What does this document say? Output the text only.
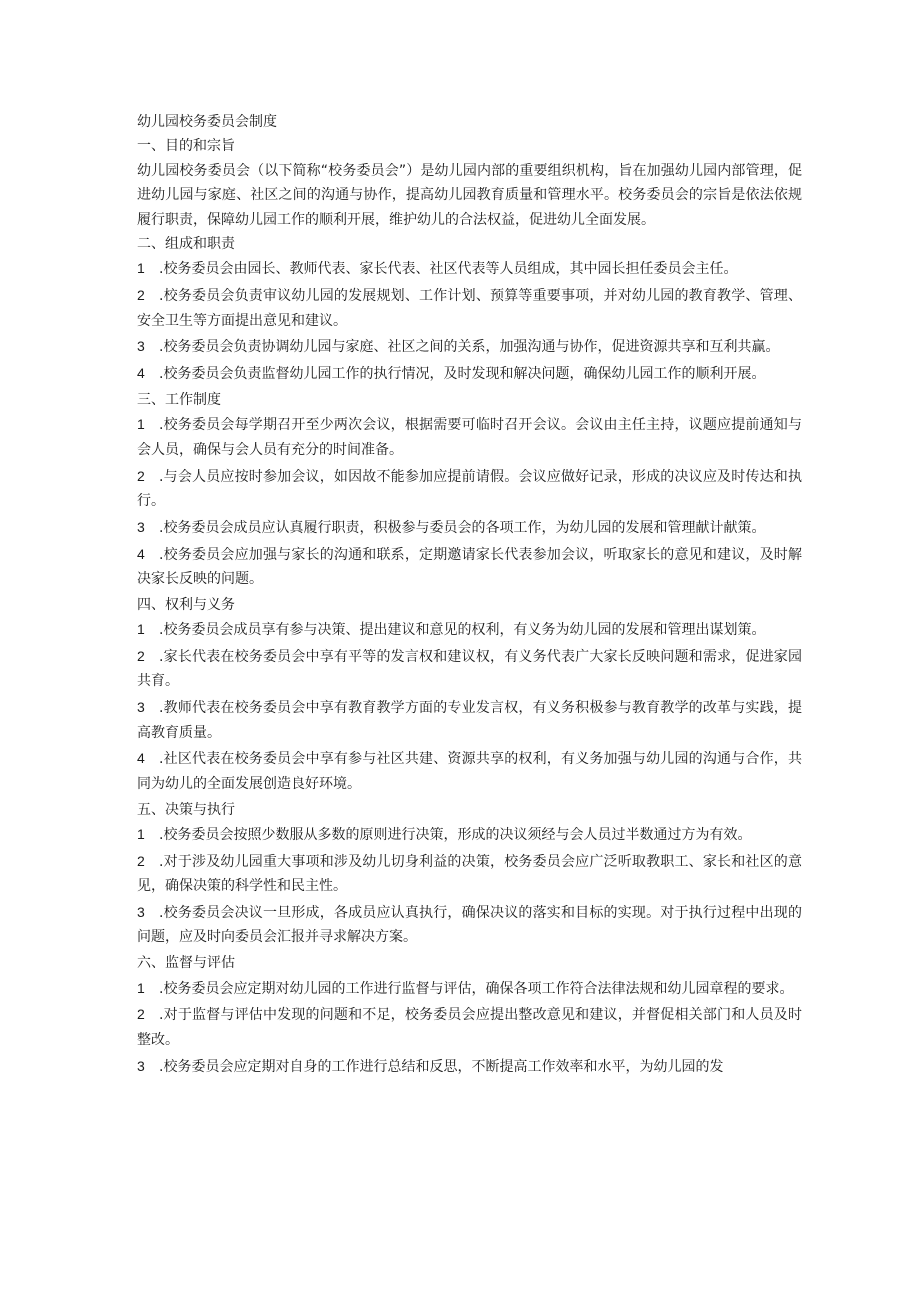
幼儿园校务委员会制度
一、目的和宗旨
幼儿园校务委员会（以下简称“校务委员会”）是幼儿园内部的重要组织机构，旨在加强幼儿园内部管理，促进幼儿园与家庭、社区之间的沟通与协作，提高幼儿园教育质量和管理水平。校务委员会的宗旨是依法依规履行职责，保障幼儿园工作的顺利开展，维护幼儿的合法权益，促进幼儿全面发展。
二、组成和职责
1 .校务委员会由园长、教师代表、家长代表、社区代表等人员组成，其中园长担任委员会主任。
2 .校务委员会负责审议幼儿园的发展规划、工作计划、预算等重要事项，并对幼儿园的教育教学、管理、安全卫生等方面提出意见和建议。
3 .校务委员会负责协调幼儿园与家庭、社区之间的关系，加强沟通与协作，促进资源共享和互利共赢。
4 .校务委员会负责监督幼儿园工作的执行情况，及时发现和解决问题，确保幼儿园工作的顺利开展。
三、工作制度
1 .校务委员会每学期召开至少两次会议，根据需要可临时召开会议。会议由主任主持，议题应提前通知与会人员，确保与会人员有充分的时间准备。
2 .与会人员应按时参加会议，如因故不能参加应提前请假。会议应做好记录，形成的决议应及时传达和执行。
3 .校务委员会成员应认真履行职责，积极参与委员会的各项工作，为幼儿园的发展和管理献计献策。
4 .校务委员会应加强与家长的沟通和联系，定期邀请家长代表参加会议，听取家长的意见和建议，及时解决家长反映的问题。
四、权利与义务
1 .校务委员会成员享有参与决策、提出建议和意见的权利，有义务为幼儿园的发展和管理出谋划策。
2 .家长代表在校务委员会中享有平等的发言权和建议权，有义务代表广大家长反映问题和需求，促进家园共育。
3 .教师代表在校务委员会中享有教育教学方面的专业发言权，有义务积极参与教育教学的改革与实践，提高教育质量。
4 .社区代表在校务委员会中享有参与社区共建、资源共享的权利，有义务加强与幼儿园的沟通与合作，共同为幼儿的全面发展创造良好环境。
五、决策与执行
1 .校务委员会按照少数服从多数的原则进行决策，形成的决议须经与会人员过半数通过方为有效。
2 .对于涉及幼儿园重大事项和涉及幼儿切身利益的决策，校务委员会应广泛听取教职工、家长和社区的意见，确保决策的科学性和民主性。
3 .校务委员会决议一旦形成，各成员应认真执行，确保决议的落实和目标的实现。对于执行过程中出现的问题，应及时向委员会汇报并寻求解决方案。
六、监督与评估
1 .校务委员会应定期对幼儿园的工作进行监督与评估，确保各项工作符合法律法规和幼儿园章程的要求。
2 .对于监督与评估中发现的问题和不足，校务委员会应提出整改意见和建议，并督促相关部门和人员及时整改。
3 .校务委员会应定期对自身的工作进行总结和反思，不断提高工作效率和水平，为幼儿园的发
